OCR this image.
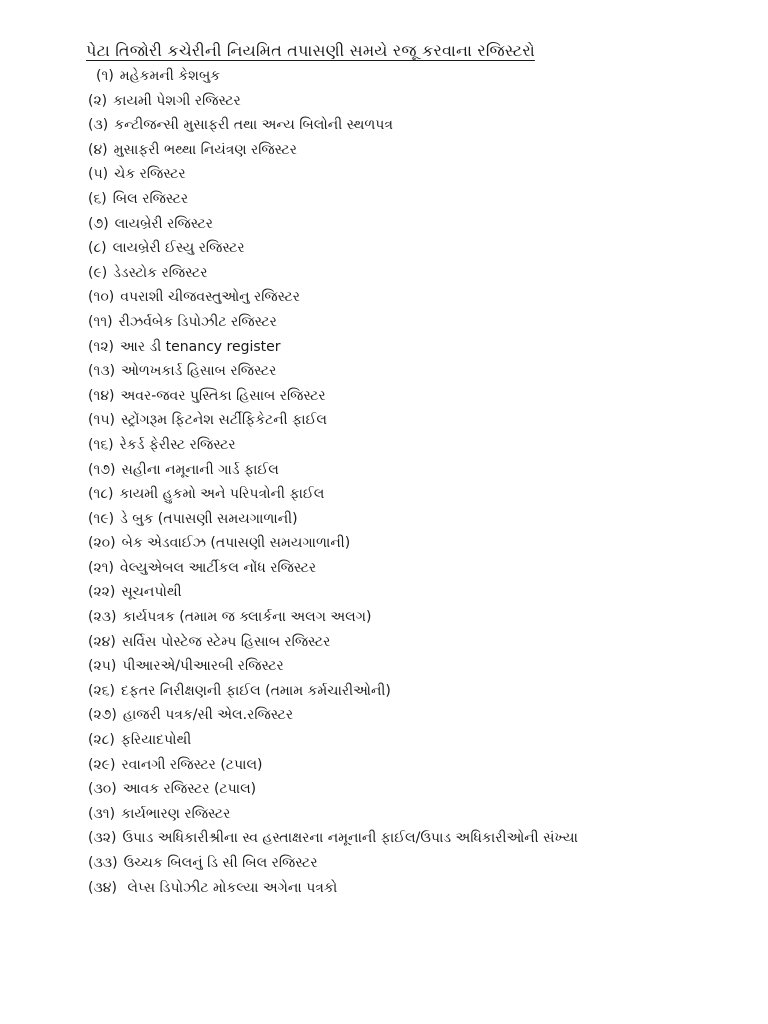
પેટા તિજોરી કચેરીની નિયમિત તપાસણી સમયે રજૂ કરવાના રજિસ્ટરો
(૧) મહેકમની કેશબુક
(૨) કાયમી પેશગી રજિસ્ટર
(૩) કન્ટીજન્સી મુસાફરી તથા અન્ય બિલોની સ્થળપત્ર
(૪) મુસાફરી ભથ્થા નિયંત્રણ રજિસ્ટર
(૫) ચેક રજિસ્ટર
(૬) બિલ રજિસ્ટર
(૭) લાયબ્રેરી રજિસ્ટર
(૮) લાયબ્રેરી ઈસ્યુ રજિસ્ટર
(૯) ડેડસ્ટોક રજિસ્ટર
(૧૦) વપરાશી ચીજવસ્તુઓનુ રજિસ્ટર
(૧૧) રીઝર્વબેક ડિપોઝીટ રજિસ્ટર
(૧૨) આર ડી tenancy register
(૧૩) ઓળખકાર્ડ હિસાબ રજિસ્ટર
(૧૪) અવર-જવર પુસ્તિકા હિસાબ રજિસ્ટર
(૧૫) સ્ટ્રોંગરૂમ ફિટનેશ સર્ટીફિકેટની ફાઈલ
(૧૬) રેકર્ડ ફેરીસ્ટ રજિસ્ટર
(૧૭) સહીના નમૂનાની ગાર્ડ ફાઈલ
(૧૮) કાયમી હુકમો અને પરિપત્રોની ફાઈલ
(૧૯) ડે બુક (તપાસણી સમયગાળાની)
(૨૦) બેક એડવાઈઝ (તપાસણી સમયગાળાની)
(૨૧) વેલ્યુએબલ આર્ટીકલ નોંધ રજિસ્ટર
(૨૨) સૂચનપોથી
(૨૩) કાર્યપત્રક (તમામ જ ક્લાર્કના અલગ અલગ)
(૨૪) સર્વિસ પોસ્ટેજ સ્ટેમ્પ હિસાબ રજિસ્ટર
(૨૫) પીઆરએ/પીઆરબી રજિસ્ટર
(૨૬) દફતર નિરીક્ષણની ફાઈલ (તમામ કર્મચારીઓની)
(૨૭) હાજરી પત્રક/સી એલ.રજિસ્ટર
(૨૮) ફરિયાદપોથી
(૨૯) રવાનગી રજિસ્ટર (ટપાલ)
(૩૦) આવક રજિસ્ટર (ટપાલ)
(૩૧) કાર્યભારણ રજિસ્ટર
(૩૨) ઉપાડ અધિકારીશ્રીના સ્વ હસ્તાક્ષરના નમૂનાની ફાઈલ/ઉપાડ અધિકારીઓની સંખ્યા
(૩૩) ઉચ્ચક બિલનું ડિ સી બિલ રજિસ્ટર
(૩૪) લેપ્સ ડિપોઝીટ મોકલ્યા અગેના પત્રકો
